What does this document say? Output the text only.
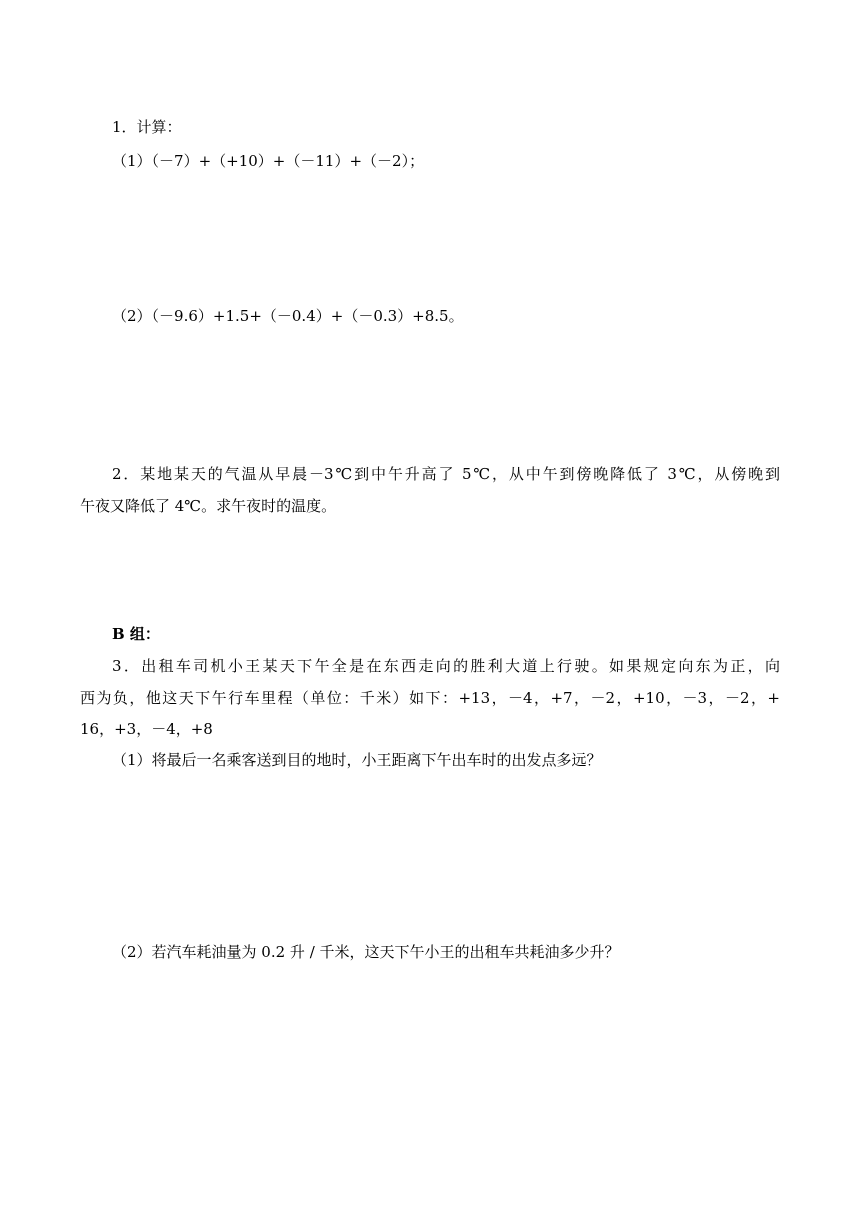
1．计算：
（1）（－7）+（+10）+（－11）+（－2）；
（2）（－9.6）+1.5+（－0.4）+（－0.3）+8.5。
2．某地某天的气温从早晨－3℃到中午升高了 5℃，从中午到傍晚降低了 3℃，从傍晚到
午夜又降低了 4℃。求午夜时的温度。
B 组：
3．出租车司机小王某天下午全是在东西走向的胜利大道上行驶。如果规定向东为正，向
西为负，他这天下午行车里程（单位：千米）如下：+13，－4，+7，－2，+10，－3，－2，+
16，+3，－4，+8
（1）将最后一名乘客送到目的地时，小王距离下午出车时的出发点多远？
（2）若汽车耗油量为 0.2 升 / 千米，这天下午小王的出租车共耗油多少升？
